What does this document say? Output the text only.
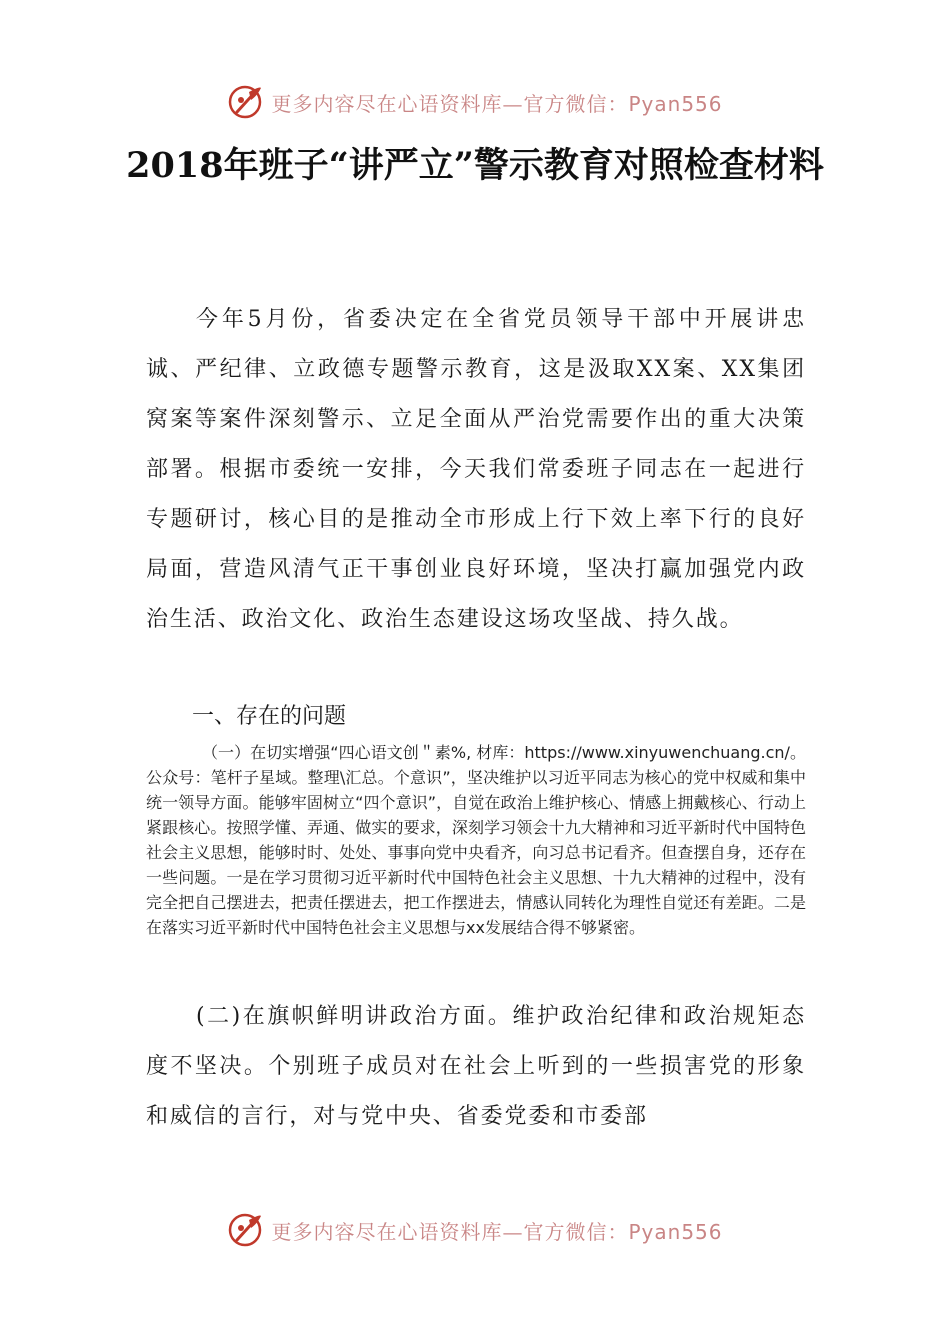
更多内容尽在心语资料库—官方微信：Pyan556
2018年班子“讲严立”警示教育对照检查材料

今年5月份，省委决定在全省党员领导干部中开展讲忠诚、严纪律、立政德专题警示教育，这是汲取XX案、XX集团窝案等案件深刻警示、立足全面从严治党需要作出的重大决策部署。根据市委统一安排，今天我们常委班子同志在一起进行专题研讨，核心目的是推动全市形成上行下效上率下行的良好局面，营造风清气正干事创业良好环境，坚决打赢加强党内政治生活、政治文化、政治生态建设这场攻坚战、持久战。

一、存在的问题

（一）在切实增强“四心语文创＂素%, 材库：https://www.xinyuwenchuang.cn/。公众号：笔杆子星域。整理\汇总。个意识”，坚决维护以习近平同志为核心的党中权威和集中统一领导方面。能够牢固树立“四个意识”，自觉在政治上维护核心、情感上拥戴核心、行动上紧跟核心。按照学懂、弄通、做实的要求，深刻学习领会十九大精神和习近平新时代中国特色社会主义思想，能够时时、处处、事事向党中央看齐，向习总书记看齐。但查摆自身，还存在一些问题。一是在学习贯彻习近平新时代中国特色社会主义思想、十九大精神的过程中，没有完全把自己摆进去，把责任摆进去，把工作摆进去，情感认同转化为理性自觉还有差距。二是在落实习近平新时代中国特色社会主义思想与xx发展结合得不够紧密。

(二)在旗帜鲜明讲政治方面。维护政治纪律和政治规矩态度不坚决。个别班子成员对在社会上听到的一些损害党的形象和威信的言行，对与党中央、省委党委和市委部

更多内容尽在心语资料库—官方微信：Pyan556
